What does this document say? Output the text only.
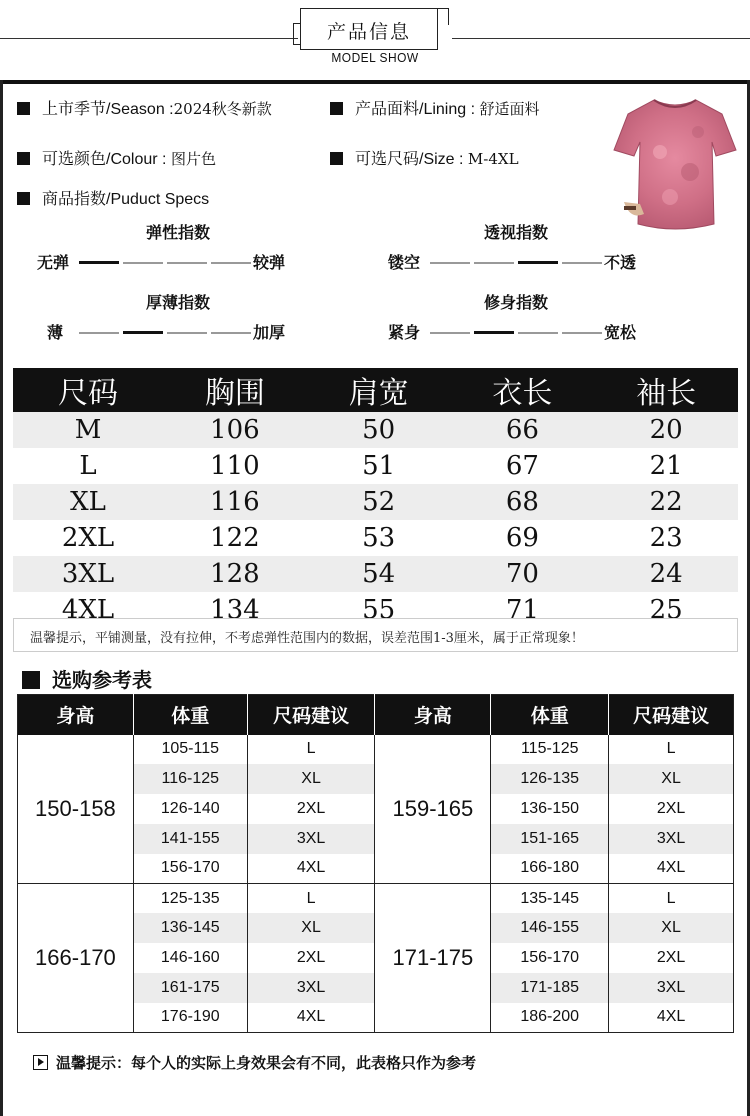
产品信息
MODEL SHOW
上市季节/Season :2024秋冬新款	产品面料/Lining : 舒适面料
可选颜色/Colour : 图片色	可选尺码/Size : M-4XL
商品指数/Puduct Specs
弹性指数	透视指数
厚薄指数	修身指数
无弹	较弹	镂空	不透
薄	加厚	紧身	宽松
尺码	胸围	肩宽	衣长	袖长
M	106	50	66	20
L	110	51	67	21
XL	116	52	68	22
2XL	122	53	69	23
3XL	128	54	70	24
4XL	134	55	71	25
温馨提示，平铺测量，没有拉伸，不考虑弹性范围内的数据，误差范围1-3厘米，属于正常现象！
选购参考表
身高	体重	尺码建议	身高	体重	尺码建议
150-158	105-115	L	159-165	115-125	L
	116-125	XL		126-135	XL
	126-140	2XL		136-150	2XL
	141-155	3XL		151-165	3XL
	156-170	4XL		166-180	4XL
166-170	125-135	L	171-175	135-145	L
	136-145	XL		146-155	XL
	146-160	2XL		156-170	2XL
	161-175	3XL		171-185	3XL
	176-190	4XL		186-200	4XL
温馨提示：每个人的实际上身效果会有不同，此表格只作为参考
